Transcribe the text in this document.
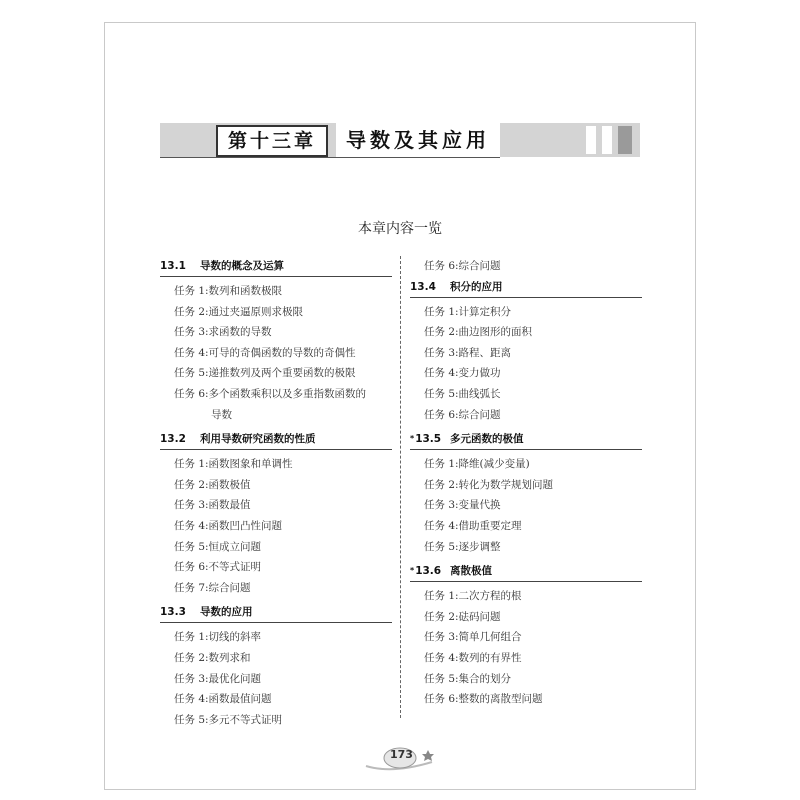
第十三章	导数及其应用
本章内容一览
13.1 导数的概念及运算
任务 1:数列和函数极限
任务 2:通过夹逼原则求极限
任务 3:求函数的导数
任务 4:可导的奇偶函数的导数的奇偶性
任务 5:递推数列及两个重要函数的极限
任务 6:多个函数乘积以及多重指数函数的
导数
13.2 利用导数研究函数的性质
任务 1:函数图象和单调性
任务 2:函数极值
任务 3:函数最值
任务 4:函数凹凸性问题
任务 5:恒成立问题
任务 6:不等式证明
任务 7:综合问题
13.3 导数的应用
任务 1:切线的斜率
任务 2:数列求和
任务 3:最优化问题
任务 4:函数最值问题
任务 5:多元不等式证明
任务 6:综合问题
13.4 积分的应用
任务 1:计算定积分
任务 2:曲边图形的面积
任务 3:路程、距离
任务 4:变力做功
任务 5:曲线弧长
任务 6:综合问题
*13.5 多元函数的极值
任务 1:降维(减少变量)
任务 2:转化为数学规划问题
任务 3:变量代换
任务 4:借助重要定理
任务 5:逐步调整
*13.6 离散极值
任务 1:二次方程的根
任务 2:砝码问题
任务 3:简单几何组合
任务 4:数列的有界性
任务 5:集合的划分
任务 6:整数的离散型问题
173
